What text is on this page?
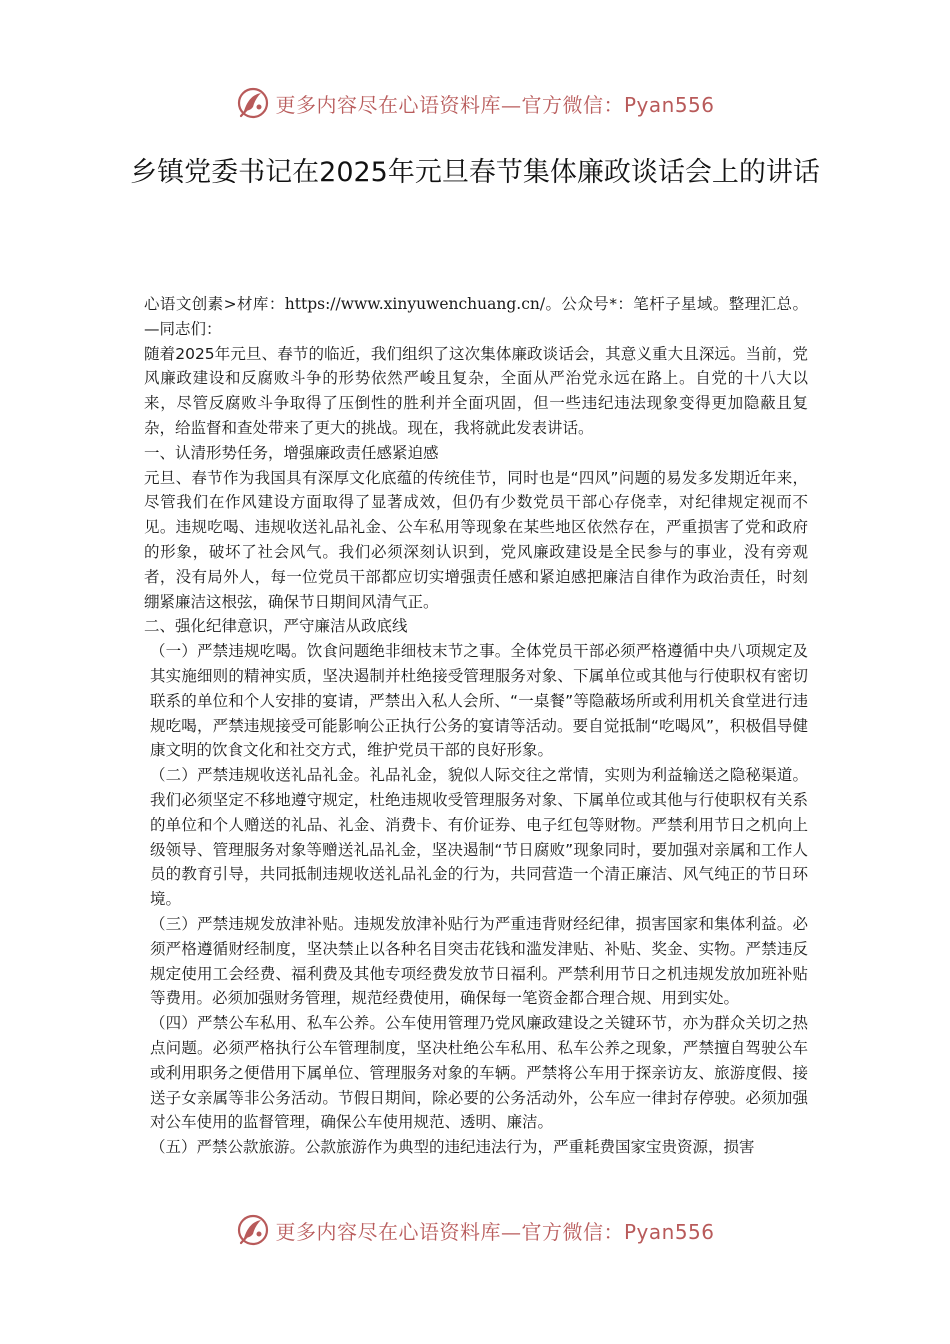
更多内容尽在心语资料库—官方微信：Pyan556
乡镇党委书记在2025年元旦春节集体廉政谈话会上的讲话

心语文创素>材库：https://www.xinyuwenchuang.cn/。公众号*：笔杆子星域。整理汇总。—同志们：

随着2025年元旦、春节的临近，我们组织了这次集体廉政谈话会，其意义重大且深远。当前，党风廉政建设和反腐败斗争的形势依然严峻且复杂，全面从严治党永远在路上。自党的十八大以来，尽管反腐败斗争取得了压倒性的胜利并全面巩固，但一些违纪违法现象变得更加隐蔽且复杂，给监督和查处带来了更大的挑战。现在，我将就此发表讲话。

一、认清形势任务，增强廉政责任感紧迫感

元旦、春节作为我国具有深厚文化底蕴的传统佳节，同时也是“四风”问题的易发多发期近年来，尽管我们在作风建设方面取得了显著成效，但仍有少数党员干部心存侥幸，对纪律规定视而不见。违规吃喝、违规收送礼品礼金、公车私用等现象在某些地区依然存在，严重损害了党和政府的形象，破坏了社会风气。我们必须深刻认识到，党风廉政建设是全民参与的事业，没有旁观者，没有局外人，每一位党员干部都应切实增强责任感和紧迫感把廉洁自律作为政治责任，时刻绷紧廉洁这根弦，确保节日期间风清气正。

二、强化纪律意识，严守廉洁从政底线

（一）严禁违规吃喝。饮食问题绝非细枝末节之事。全体党员干部必须严格遵循中央八项规定及其实施细则的精神实质，坚决遏制并杜绝接受管理服务对象、下属单位或其他与行使职权有密切联系的单位和个人安排的宴请，严禁出入私人会所、“一桌餐”等隐蔽场所或利用机关食堂进行违规吃喝，严禁违规接受可能影响公正执行公务的宴请等活动。要自觉抵制“吃喝风”，积极倡导健康文明的饮食文化和社交方式，维护党员干部的良好形象。

（二）严禁违规收送礼品礼金。礼品礼金，貌似人际交往之常情，实则为利益输送之隐秘渠道。我们必须坚定不移地遵守规定，杜绝违规收受管理服务对象、下属单位或其他与行使职权有关系的单位和个人赠送的礼品、礼金、消费卡、有价证券、电子红包等财物。严禁利用节日之机向上级领导、管理服务对象等赠送礼品礼金，坚决遏制“节日腐败”现象同时，要加强对亲属和工作人员的教育引导，共同抵制违规收送礼品礼金的行为，共同营造一个清正廉洁、风气纯正的节日环境。

（三）严禁违规发放津补贴。违规发放津补贴行为严重违背财经纪律，损害国家和集体利益。必须严格遵循财经制度，坚决禁止以各种名目突击花钱和滥发津贴、补贴、奖金、实物。严禁违反规定使用工会经费、福利费及其他专项经费发放节日福利。严禁利用节日之机违规发放加班补贴等费用。必须加强财务管理，规范经费使用，确保每一笔资金都合理合规、用到实处。

（四）严禁公车私用、私车公养。公车使用管理乃党风廉政建设之关键环节，亦为群众关切之热点问题。必须严格执行公车管理制度，坚决杜绝公车私用、私车公养之现象，严禁擅自驾驶公车或利用职务之便借用下属单位、管理服务对象的车辆。严禁将公车用于探亲访友、旅游度假、接送子女亲属等非公务活动。节假日期间，除必要的公务活动外，公车应一律封存停驶。必须加强对公车使用的监督管理，确保公车使用规范、透明、廉洁。

（五）严禁公款旅游。公款旅游作为典型的违纪违法行为，严重耗费国家宝贵资源，损害

更多内容尽在心语资料库—官方微信：Pyan556
